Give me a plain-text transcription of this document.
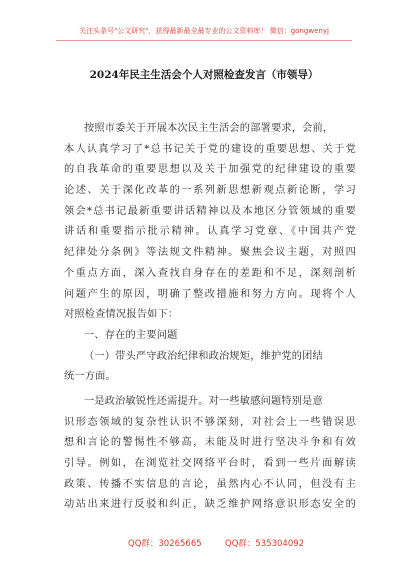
关注头条号"公文研究"，获得最新最全最专业的公文资料库！ 微信：gongwenyj
2024年民主生活会个人对照检查发言（市领导）
按照市委关于开展本次民主生活会的部署要求，会前，
本人认真学习了*总书记关于党的建设的重要思想、关于党
的自我革命的重要思想以及关于加强党的纪律建设的重要
论述、关于深化改革的一系列新思想新观点新论断，学习
领会*总书记最新重要讲话精神以及本地区分管领域的重要
讲话和重要指示批示精神。认真学习党章、《中国共产党
纪律处分条例》等法规文件精神。聚焦会议主题，对照四
个重点方面，深入查找自身存在的差距和不足，深刻剖析
问题产生的原因，明确了整改措施和努力方向。现将个人
对照检查情况报告如下：
一、存在的主要问题
（一）带头严守政治纪律和政治规矩，维护党的团结
统一方面。
一是政治敏锐性还需提升。对一些敏感问题特别是意
识形态领域的复杂性认识不够深刻，对社会上一些错误思
想和言论的警惕性不够高，未能及时进行坚决斗争和有效
引导。例如，在浏览社交网络平台时，看到一些片面解读
政策、传播不实信息的言论，虽然内心不认同，但没有主
动站出来进行反驳和纠正，缺乏维护网络意识形态安全的
QQ群：30265665	QQ群：535304092
